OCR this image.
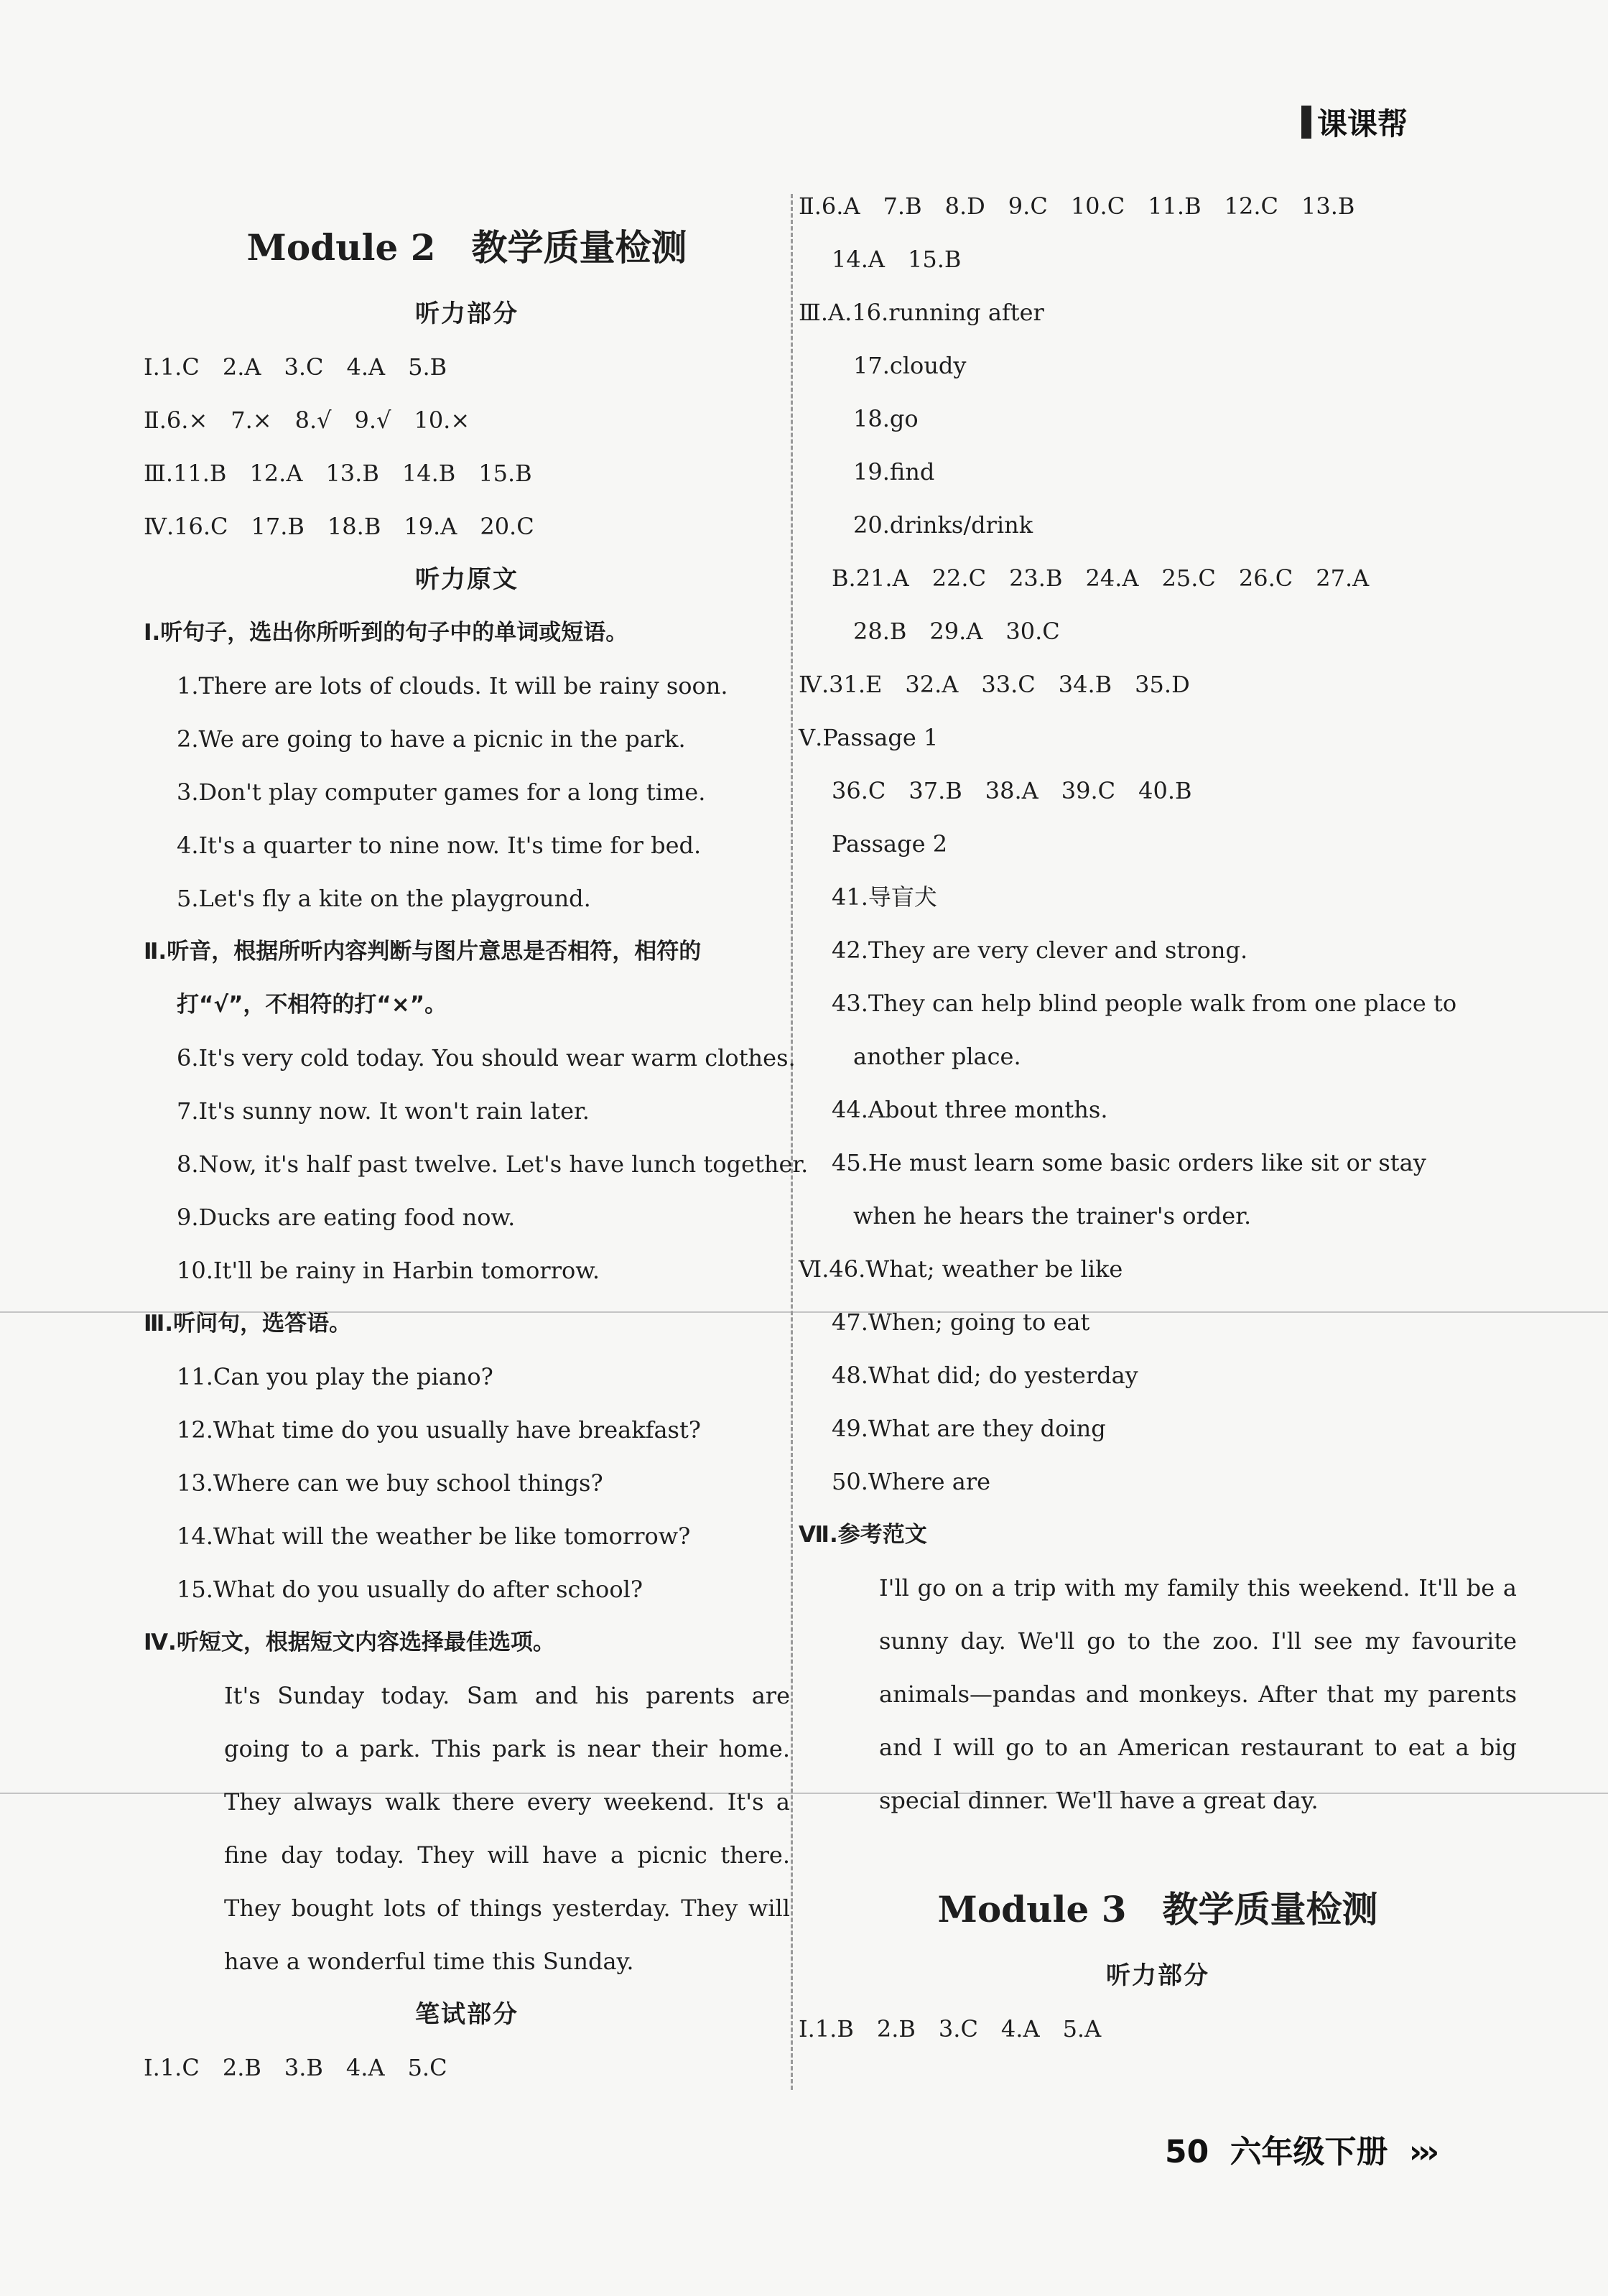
课课帮
Module 2　教学质量检测
听力部分
Ⅰ.1.C　2.A　3.C　4.A　5.B
Ⅱ.6.×　7.×　8.√　9.√　10.×
Ⅲ.11.B　12.A　13.B　14.B　15.B
Ⅳ.16.C　17.B　18.B　19.A　20.C
听力原文
Ⅰ.听句子，选出你所听到的句子中的单词或短语。
1.There are lots of clouds. It will be rainy soon.
2.We are going to have a picnic in the park.
3.Don't play computer games for a long time.
4.It's a quarter to nine now. It's time for bed.
5.Let's fly a kite on the playground.
Ⅱ.听音，根据所听内容判断与图片意思是否相符，相符的
打“√”，不相符的打“×”。
6.It's very cold today. You should wear warm clothes.
7.It's sunny now. It won't rain later.
8.Now, it's half past twelve. Let's have lunch together.
9.Ducks are eating food now.
10.It'll be rainy in Harbin tomorrow.
Ⅲ.听问句，选答语。
11.Can you play the piano?
12.What time do you usually have breakfast?
13.Where can we buy school things?
14.What will the weather be like tomorrow?
15.What do you usually do after school?
Ⅳ.听短文，根据短文内容选择最佳选项。
It's Sunday today. Sam and his parents are going to a park. This park is near their home. They always walk there every weekend. It's a fine day today. They will have a picnic there. They bought lots of things yesterday. They will have a wonderful time this Sunday.
笔试部分
Ⅰ.1.C　2.B　3.B　4.A　5.C
Ⅱ.6.A　7.B　8.D　9.C　10.C　11.B　12.C　13.B
14.A　15.B
Ⅲ.A.16.running after
17.cloudy
18.go
19.find
20.drinks/drink
B.21.A　22.C　23.B　24.A　25.C　26.C　27.A
28.B　29.A　30.C
Ⅳ.31.E　32.A　33.C　34.B　35.D
Ⅴ.Passage 1
36.C　37.B　38.A　39.C　40.B
Passage 2
41.导盲犬
42.They are very clever and strong.
43.They can help blind people walk from one place to
another place.
44.About three months.
45.He must learn some basic orders like sit or stay
when he hears the trainer's order.
Ⅵ.46.What; weather be like
47.When; going to eat
48.What did; do yesterday
49.What are they doing
50.Where are
Ⅶ.参考范文
I'll go on a trip with my family this weekend. It'll be a sunny day. We'll go to the zoo. I'll see my favourite animals—pandas and monkeys. After that my parents and I will go to an American restaurant to eat a big special dinner. We'll have a great day.
Module 3　教学质量检测
听力部分
Ⅰ.1.B　2.B　3.C　4.A　5.A
50 六年级下册 ›››
